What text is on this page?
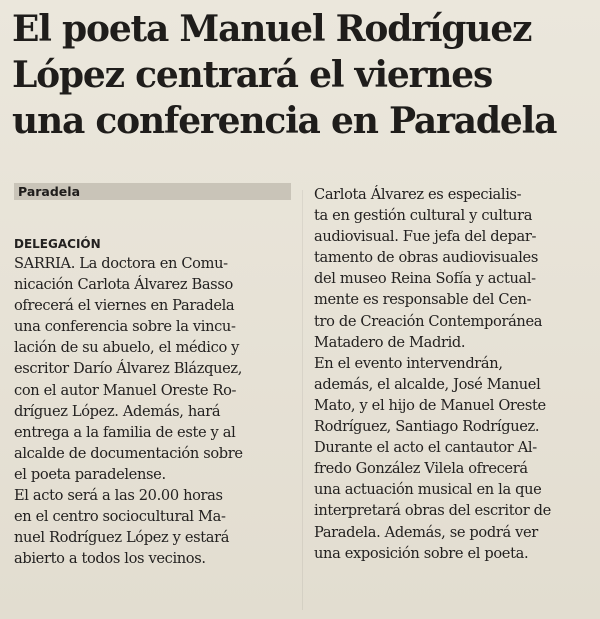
El poeta Manuel Rodríguez
López centrará el viernes
una conferencia en Paradela
Paradela
DELEGACIÓN
SARRIA. La doctora en Comu-
nicación Carlota Álvarez Basso
ofrecerá el viernes en Paradela
una conferencia sobre la vincu-
lación de su abuelo, el médico y
escritor Darío Álvarez Blázquez,
con el autor Manuel Oreste Ro-
dríguez López. Además, hará
entrega a la familia de este y al
alcalde de documentación sobre
el poeta paradelense.
El acto será a las 20.00 horas
en el centro sociocultural Ma-
nuel Rodríguez López y estará
abierto a todos los vecinos.
Carlota Álvarez es especialis-
ta en gestión cultural y cultura
audiovisual. Fue jefa del depar-
tamento de obras audiovisuales
del museo Reina Sofía y actual-
mente es responsable del Cen-
tro de Creación Contemporánea
Matadero de Madrid.
En el evento intervendrán,
además, el alcalde, José Manuel
Mato, y el hijo de Manuel Oreste
Rodríguez, Santiago Rodríguez.
Durante el acto el cantautor Al-
fredo González Vilela ofrecerá
una actuación musical en la que
interpretará obras del escritor de
Paradela. Además, se podrá ver
una exposición sobre el poeta.
